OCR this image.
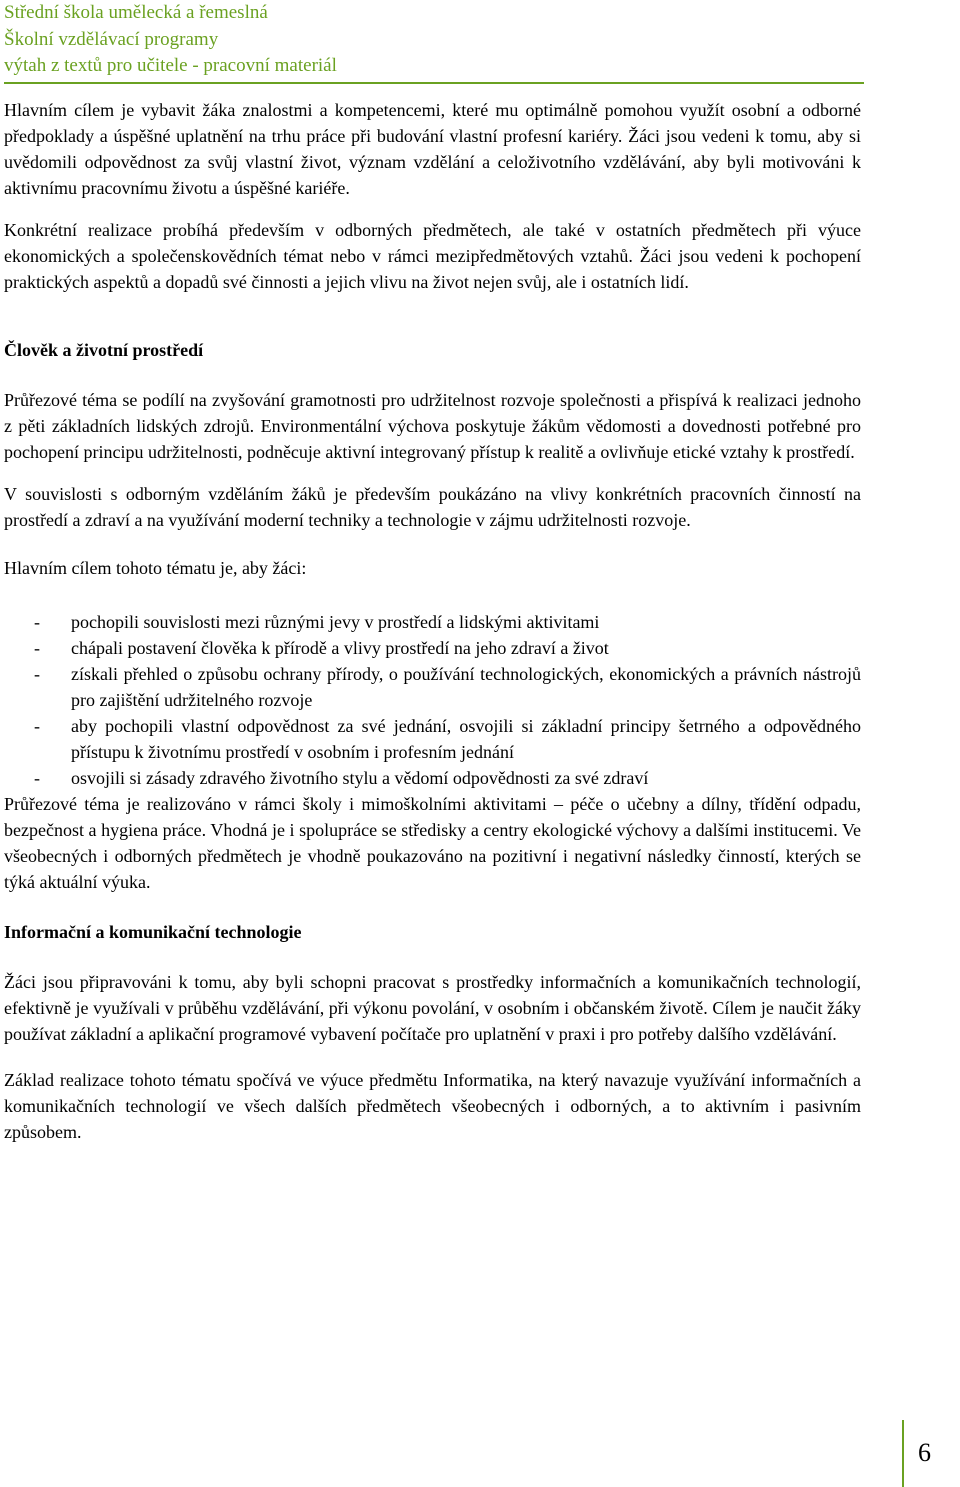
Střední škola umělecká a řemeslná

Školní vzdělávací programy

výtah z textů pro učitele - pracovní materiál

Hlavním cílem je vybavit žáka znalostmi a kompetencemi, které mu optimálně pomohou využít osobní a odborné předpoklady a úspěšné uplatnění na trhu práce při budování vlastní profesní kariéry. Žáci jsou vedeni k tomu, aby si uvědomili odpovědnost za svůj vlastní život, význam vzdělání a celoživotního vzdělávání, aby byli motivováni k aktivnímu pracovnímu životu a úspěšné kariéře.

Konkrétní realizace probíhá především v odborných předmětech, ale také v ostatních předmětech při výuce ekonomických a společenskovědních témat nebo v rámci mezipředmětových vztahů. Žáci jsou vedeni k pochopení praktických aspektů a dopadů své činnosti a jejich vlivu na život nejen svůj, ale i ostatních lidí.

Člověk a životní prostředí

Průřezové téma se podílí na zvyšování gramotnosti pro udržitelnost rozvoje společnosti a přispívá k realizaci jednoho z pěti základních lidských zdrojů. Environmentální výchova poskytuje žákům vědomosti a dovednosti potřebné pro pochopení principu udržitelnosti, podněcuje aktivní integrovaný přístup k realitě a ovlivňuje etické vztahy k prostředí.

V souvislosti s odborným vzděláním žáků je především poukázáno na vlivy konkrétních pracovních činností na prostředí a zdraví a na využívání moderní techniky a technologie v zájmu udržitelnosti rozvoje.

Hlavním cílem tohoto tématu je, aby žáci:

- pochopili souvislosti mezi různými jevy v prostředí a lidskými aktivitami
- chápali postavení člověka k přírodě a vlivy prostředí na jeho zdraví a život
- získali přehled o způsobu ochrany přírody, o používání technologických, ekonomických a právních nástrojů pro zajištění udržitelného rozvoje
- aby pochopili vlastní odpovědnost za své jednání, osvojili si základní principy šetrného a odpovědného přístupu k životnímu prostředí v osobním i profesním jednání
- osvojili si zásady zdravého životního stylu a vědomí odpovědnosti za své zdraví

Průřezové téma je realizováno v rámci školy i mimoškolními aktivitami – péče o učebny a dílny, třídění odpadu, bezpečnost a hygiena práce. Vhodná je i spolupráce se středisky a centry ekologické výchovy a dalšími institucemi. Ve všeobecných i odborných předmětech je vhodně poukazováno na pozitivní i negativní následky činností, kterých se týká aktuální výuka.

Informační a komunikační technologie

Žáci jsou připravováni k tomu, aby byli schopni pracovat s prostředky informačních a komunikačních technologií, efektivně je využívali v průběhu vzdělávání, při výkonu povolání, v osobním i občanském životě. Cílem je naučit žáky používat základní a aplikační programové vybavení počítače pro uplatnění v praxi i pro potřeby dalšího vzdělávání.

Základ realizace tohoto tématu spočívá ve výuce předmětu Informatika, na který navazuje využívání informačních a komunikačních technologií ve všech dalších předmětech všeobecných i odborných, a to aktivním i pasivním způsobem.

6
